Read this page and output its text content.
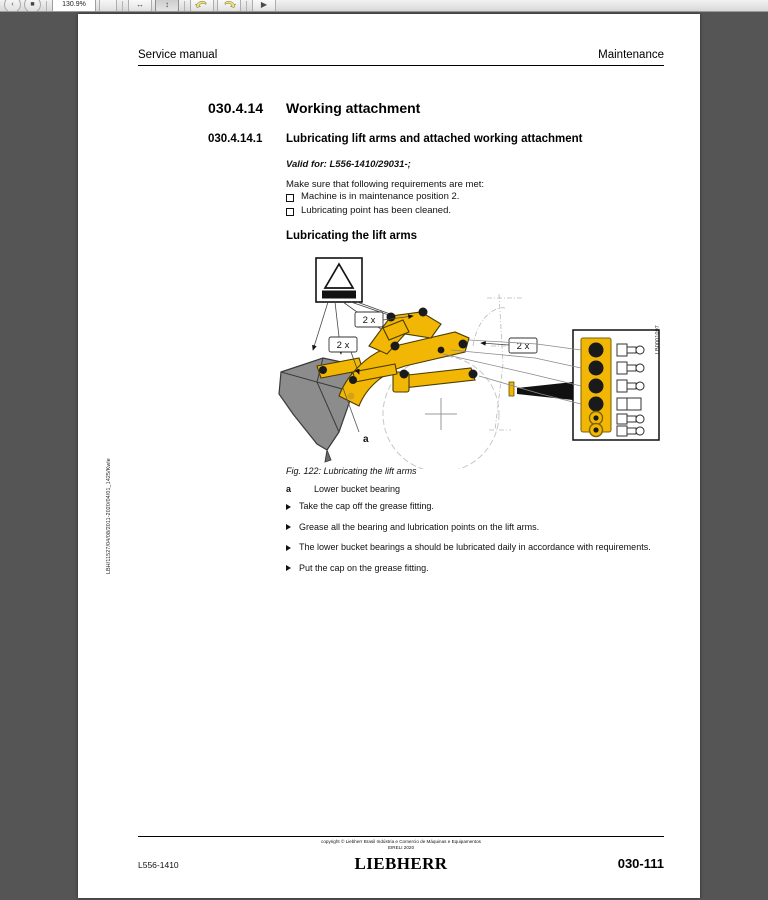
‹	■	130.9%	↔	↕	▶
Service manual	Maintenance
030.4.14	Working attachment
030.4.14.1	Lubricating lift arms and attached working attachment
Valid for: L556-1410/29031-;
Make sure that following requirements are met:
Machine is in maintenance position 2.
Lubricating point has been cleaned.
Lubricating the lift arms
2 x
2 x	2 x
a
LB0001097
Fig. 122: Lubricating the lift arms
a	Lower bucket bearing
Take the cap off the grease fitting.
Grease all the bearing and lubrication points on the lift arms.
The lower bucket bearings a should be lubricated daily in accordance with requirements.
Put the cap on the grease fitting.
LBH/11527/04/08/2011-2020/04/01_1425/Kwle
copyright © Liebherr Brasil Indústria e Comercio de Máquinas e Equipamentos
EIRELI 2020
LIEBHERR
L556-1410	030-111
